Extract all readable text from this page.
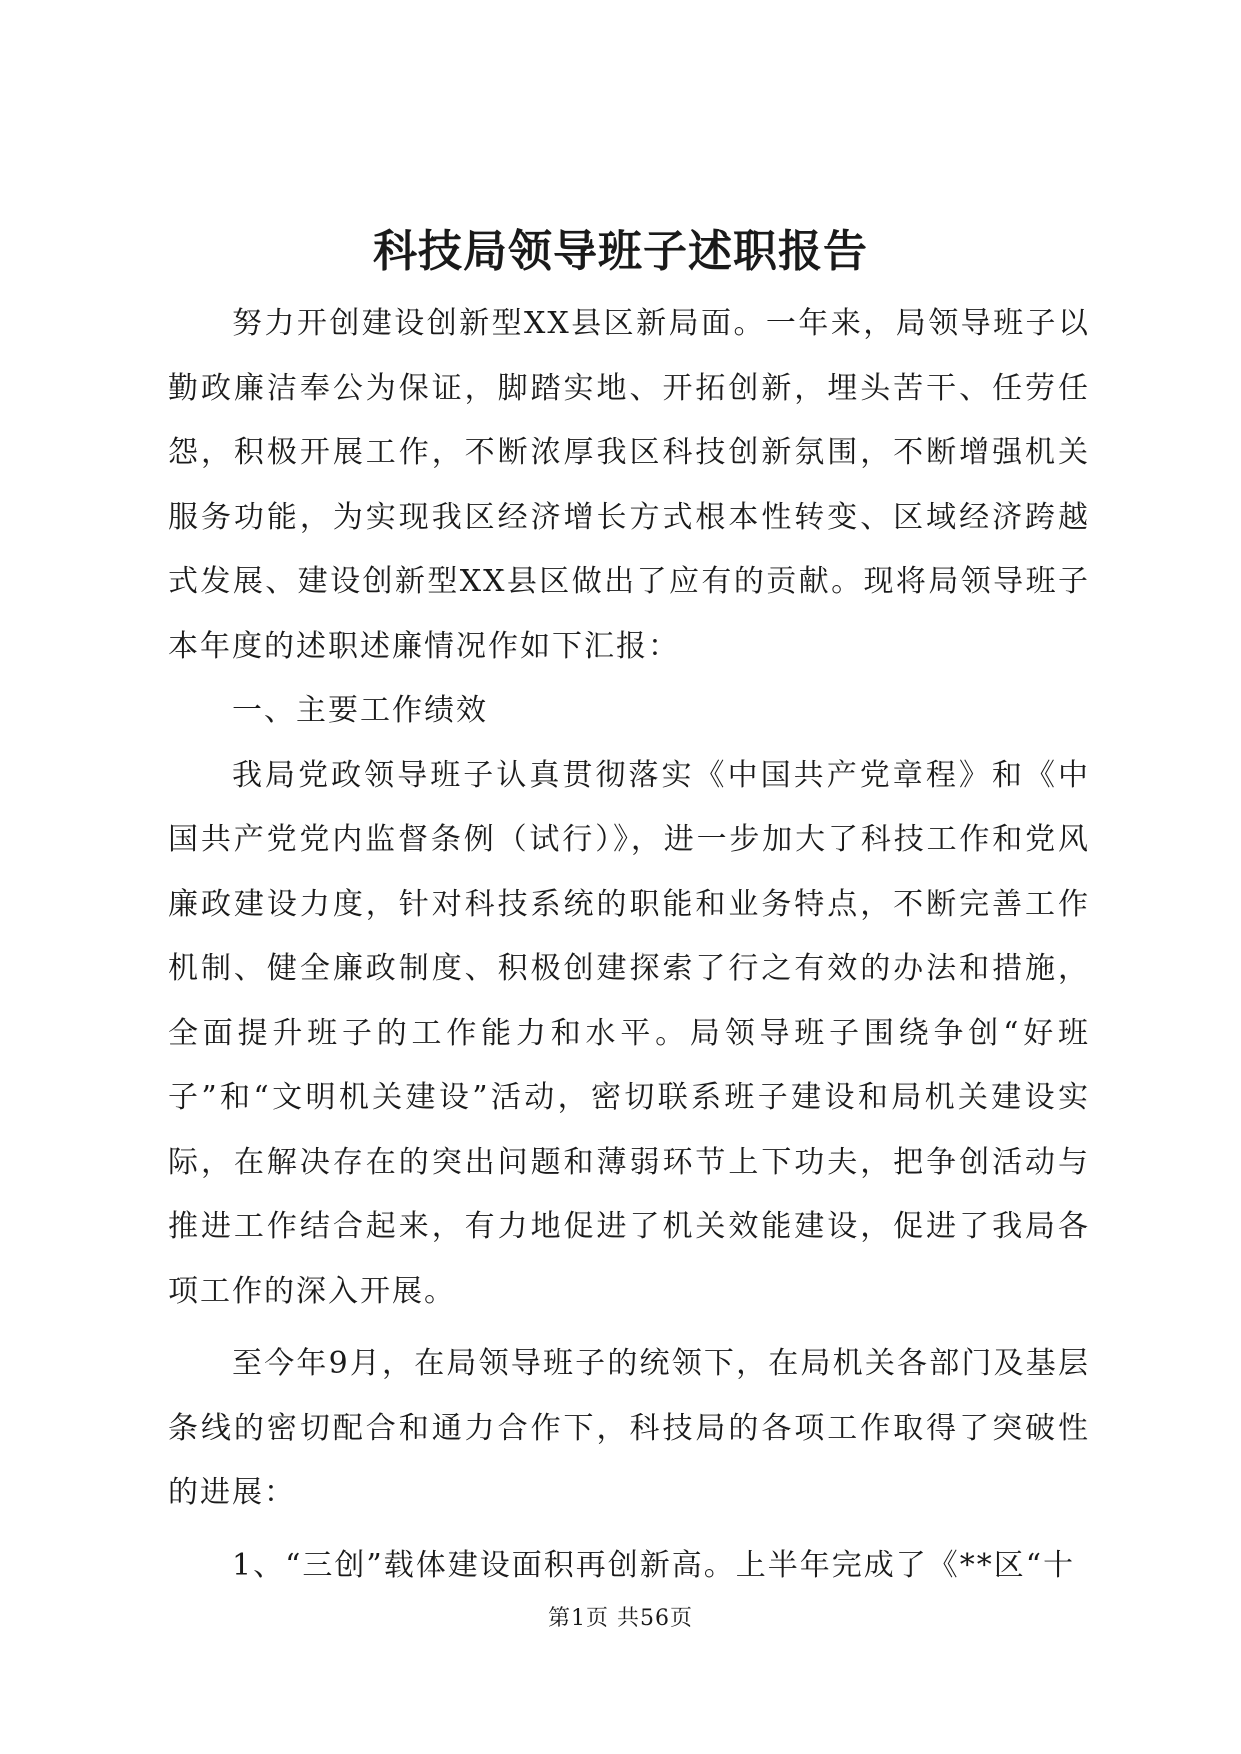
科技局领导班子述职报告

努力开创建设创新型XX县区新局面。一年来，局领导班子以勤政廉洁奉公为保证，脚踏实地、开拓创新，埋头苦干、任劳任怨，积极开展工作，不断浓厚我区科技创新氛围，不断增强机关服务功能，为实现我区经济增长方式根本性转变、区域经济跨越式发展、建设创新型XX县区做出了应有的贡献。现将局领导班子本年度的述职述廉情况作如下汇报：

一、主要工作绩效

我局党政领导班子认真贯彻落实《中国共产党章程》和《中国共产党党内监督条例（试行）》，进一步加大了科技工作和党风廉政建设力度，针对科技系统的职能和业务特点，不断完善工作机制、健全廉政制度、积极创建探索了行之有效的办法和措施，全面提升班子的工作能力和水平。局领导班子围绕争创“好班子”和“文明机关建设”活动，密切联系班子建设和局机关建设实际，在解决存在的突出问题和薄弱环节上下功夫，把争创活动与推进工作结合起来，有力地促进了机关效能建设，促进了我局各项工作的深入开展。

至今年9月，在局领导班子的统领下，在局机关各部门及基层条线的密切配合和通力合作下，科技局的各项工作取得了突破性的进展：

1、“三创”载体建设面积再创新高。上半年完成了《**区“十

第1页 共56页
